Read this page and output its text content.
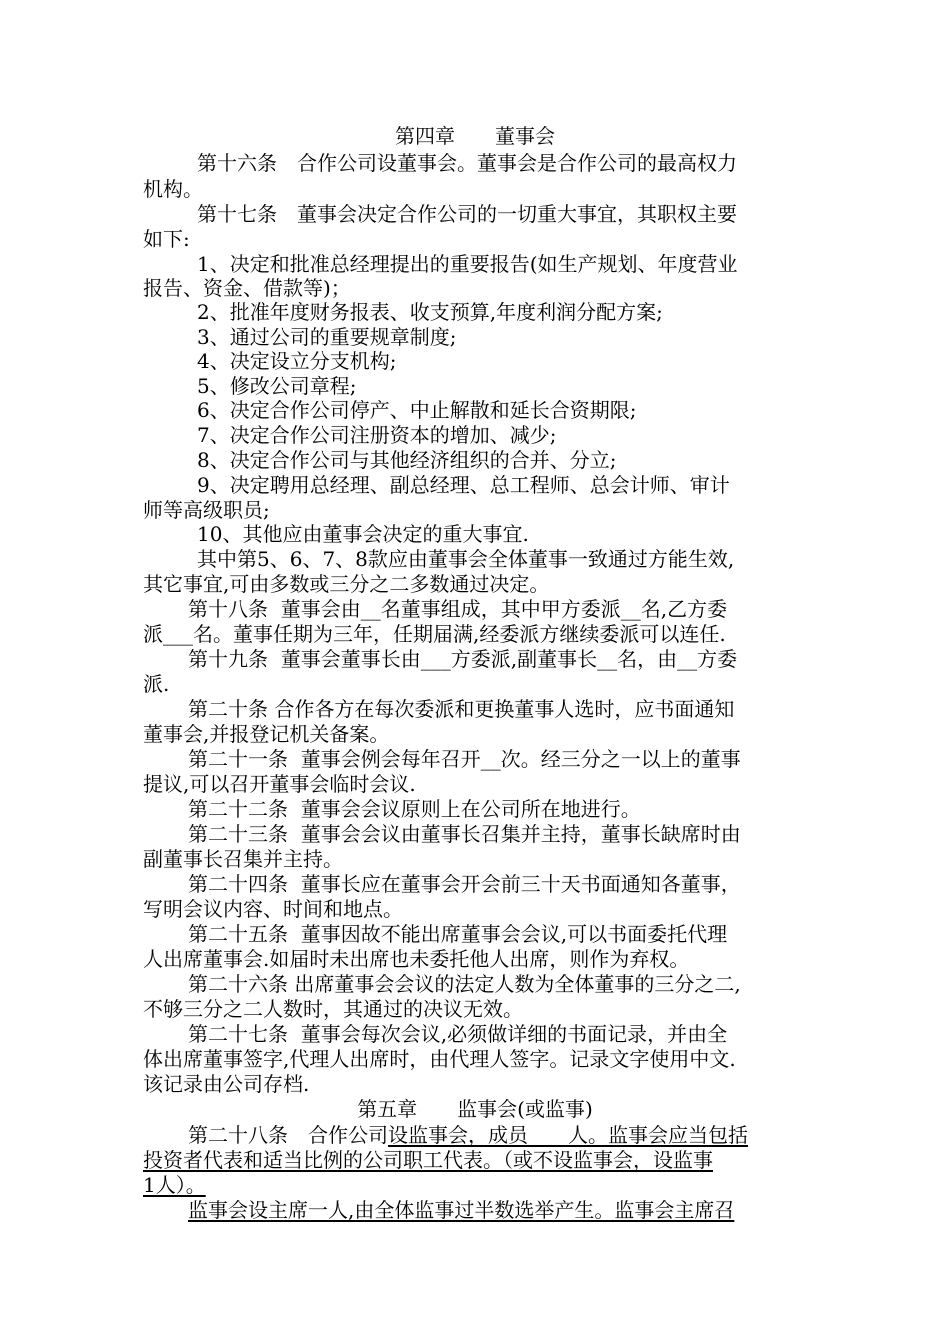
第四章　　董事会
第十六条　合作公司设董事会。董事会是合作公司的最高权力
机构。
第十七条　董事会决定合作公司的一切重大事宜，其职权主要
如下:
1、决定和批准总经理提出的重要报告(如生产规划、年度营业
报告、资金、借款等)；
2、批准年度财务报表、收支预算,年度利润分配方案;
3、通过公司的重要规章制度;
4、决定设立分支机构;
5、修改公司章程;
6、决定合作公司停产、中止解散和延长合资期限;
7、决定合作公司注册资本的增加、减少;
8、决定合作公司与其他经济组织的合并、分立;
9、决定聘用总经理、副总经理、总工程师、总会计师、审计
师等高级职员;
10、其他应由董事会决定的重大事宜.
其中第5、6、7、8款应由董事会全体董事一致通过方能生效,
其它事宜,可由多数或三分之二多数通过决定。
第十八条  董事会由__名董事组成，其中甲方委派__名,乙方委
派___名。董事任期为三年，任期届满,经委派方继续委派可以连任.
第十九条  董事会董事长由___方委派,副董事长__名，由__方委
派.
第二十条 合作各方在每次委派和更换董事人选时，应书面通知
董事会,并报登记机关备案。
第二十一条  董事会例会每年召开__次。经三分之一以上的董事
提议,可以召开董事会临时会议.
第二十二条  董事会会议原则上在公司所在地进行。
第二十三条  董事会会议由董事长召集并主持，董事长缺席时由
副董事长召集并主持。
第二十四条  董事长应在董事会开会前三十天书面通知各董事，
写明会议内容、时间和地点。
第二十五条  董事因故不能出席董事会会议,可以书面委托代理
人出席董事会.如届时未出席也未委托他人出席，则作为弃权。
第二十六条 出席董事会会议的法定人数为全体董事的三分之二,
不够三分之二人数时，其通过的决议无效。
第二十七条  董事会每次会议,必须做详细的书面记录，并由全
体出席董事签字,代理人出席时，由代理人签字。记录文字使用中文.
该记录由公司存档.
第五章　　监事会(或监事)
第二十八条　合作公司设监事会，成员　　人。监事会应当包括
投资者代表和适当比例的公司职工代表。（或不设监事会，设监事
1人）。
监事会设主席一人,由全体监事过半数选举产生。监事会主席召
